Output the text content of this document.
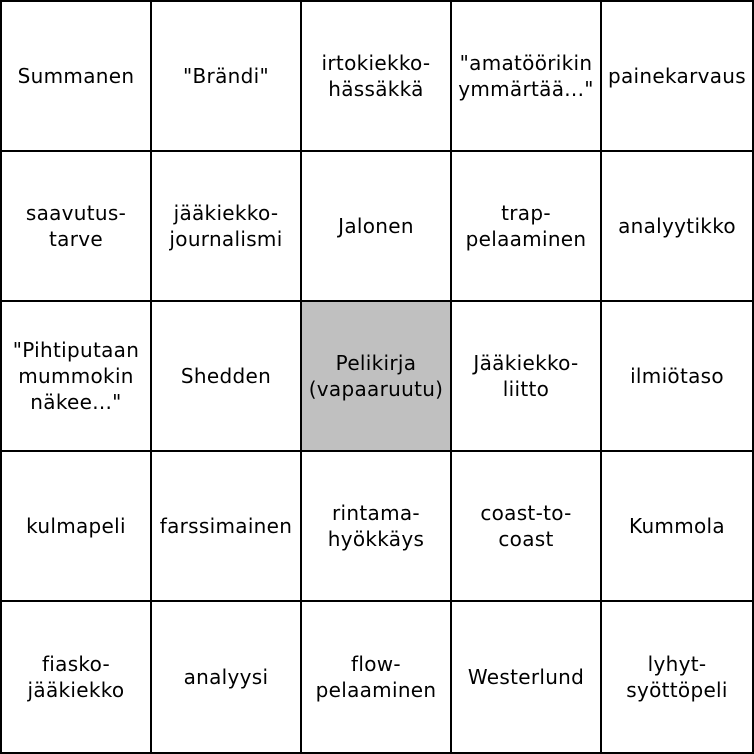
Summanen "Brändi"
irtokiekko-
hässäkkä
"amatöörikin
ymmärtää..."
painekarvaus
saavutus-
tarve
jääkiekko-
journalismi
Jalonen
trap-
pelaaminen
analyytikko
"Pihtiputaan
mummokin
näkee..."
Shedden
Pelikirja
(vapaaruutu)
Jääkiekko-
liitto
ilmiötaso
kulmapeli farssimainen
rintama-
hyökkäys
coast-to-coast
Kummola
fiasko-
jääkiekko
analyysi
flow-
pelaaminen
Westerlund
lyhyt-
syöttöpeli
